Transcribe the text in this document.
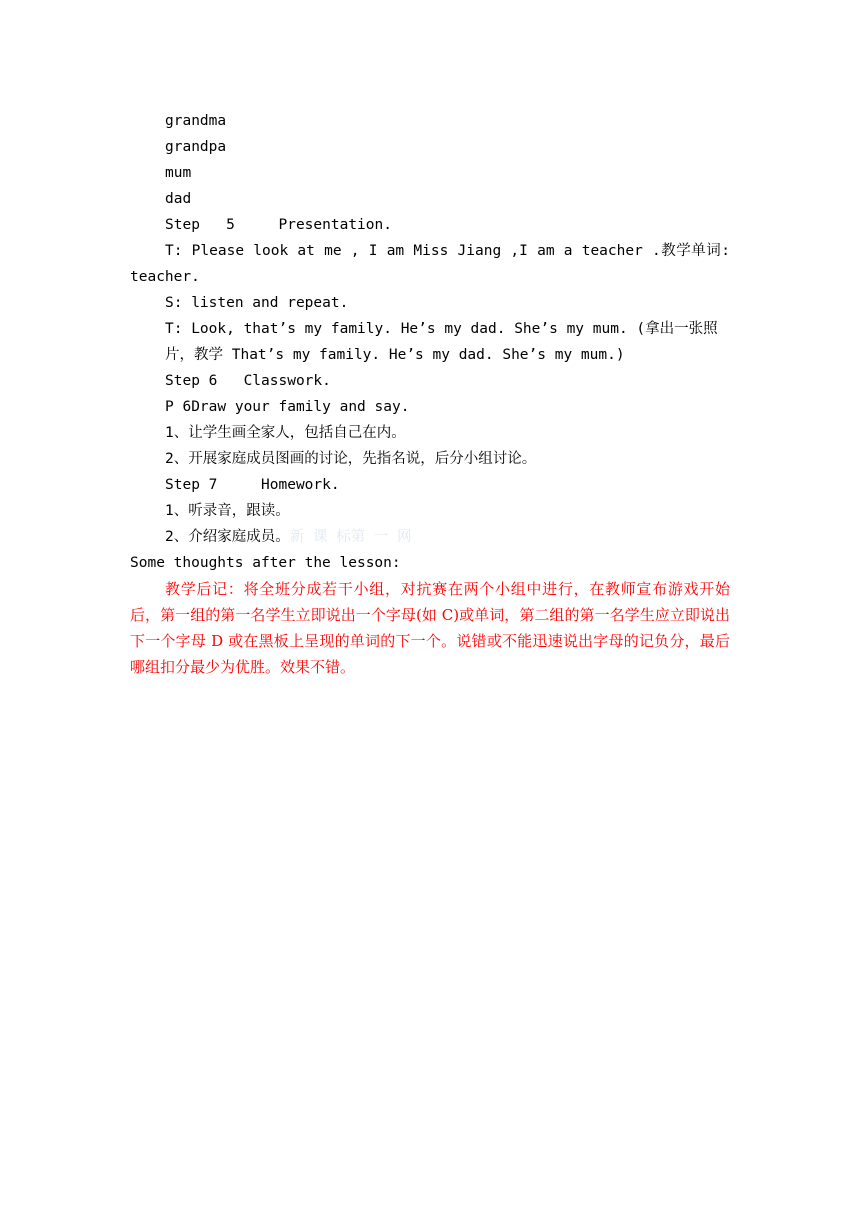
grandma
grandpa
mum
dad
Step   5     Presentation.
T: Please look at me , I am Miss Jiang ,I am a teacher .教学单词: teacher.
S: listen and repeat.
T: Look, that’s my family. He’s my dad. She’s my mum. (拿出一张照
片，教学 That’s my family. He’s my dad. She’s my mum.)
Step 6   Classwork.
P 6Draw your family and say.
1、让学生画全家人，包括自己在内。
2、开展家庭成员图画的讨论，先指名说，后分小组讨论。
Step 7     Homework.
1、听录音，跟读。
2、介绍家庭成员。新 课 标第 一 网
Some thoughts after the lesson:
教学后记：将全班分成若干小组，对抗赛在两个小组中进行，在教师宣布游戏开始后，第一组的第一名学生立即说出一个字母(如 C)或单词，第二组的第一名学生应立即说出下一个字母 D 或在黑板上呈现的单词的下一个。说错或不能迅速说出字母的记负分，最后哪组扣分最少为优胜。效果不错。
